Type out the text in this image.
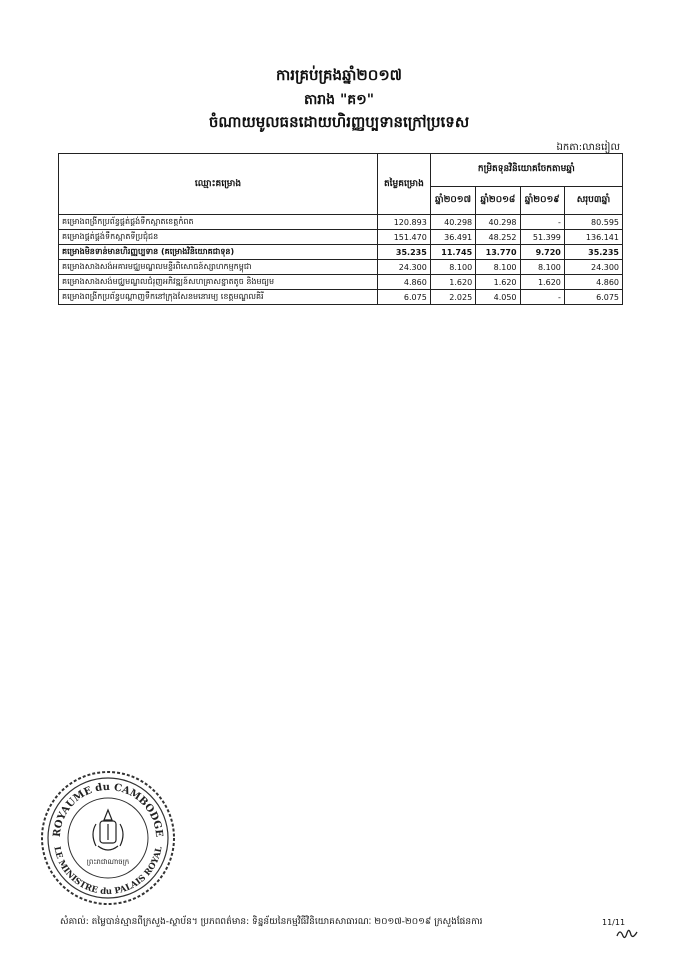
ការគ្រប់គ្រងឆ្នាំ២០១៧
តារាង "គ១"
ចំណាយមូលធនដោយហិរញ្ញប្បទានក្រៅប្រទេស
ឯកតា:លានរៀល
ឈ្មោះគម្រោង	តម្លៃគម្រោង	កម្រិតទុនវិនិយោគចែកតាមឆ្នាំ			
		ឆ្នាំ២០១៧	ឆ្នាំ២០១៨	ឆ្នាំ២០១៩	សរុប៣ឆ្នាំ
គម្រោងពង្រីកប្រព័ន្ធផ្គត់ផ្គង់ទឹកស្អាតខេត្តកំពត	120.893	40.298	40.298	-	80.595
គម្រោងផ្គត់ផ្គង់ទឹកស្អាតទីប្រជុំជន	151.470	36.491	48.252	51.399	136.141
គម្រោងមិនទាន់មានហិរញ្ញប្បទាន (គម្រោងវិនិយោគជាទុន)	35.235	11.745	13.770	9.720	35.235
គម្រោងសាងសង់អគារមជ្ឈមណ្ឌលមន្ទីរពិសោធន៍ស្សាហកម្មកម្ពុជា	24.300	8.100	8.100	8.100	24.300
គម្រោងសាងសង់មជ្ឈមណ្ឌលជំរុញអភិវឌ្ឍន៍សហគ្រាសខ្នាតតូច និងមធ្យម	4.860	1.620	1.620	1.620	4.860
គម្រោងពង្រីកប្រព័ន្ធបណ្តាញទឹកនៅក្រុងសែនមនោរម្យ ខេត្តមណ្ឌលគិរី	6.075	2.025	4.050	-	6.075
ROYAUME du CAMBODGE
LE MINISTRE du PALAIS ROYAL
ព្រះរាជាណាចក្រ
សំគាល់: តម្លៃបាន់ស្មានពីក្រសួង-ស្ថាប័ន។ ប្រភពពត៌មាន: ទិន្នន័យនៃកម្មវិធីវិនិយោគសាធារណៈ ២០១៧-២០១៩ ក្រសួងផែនការ	11/11
